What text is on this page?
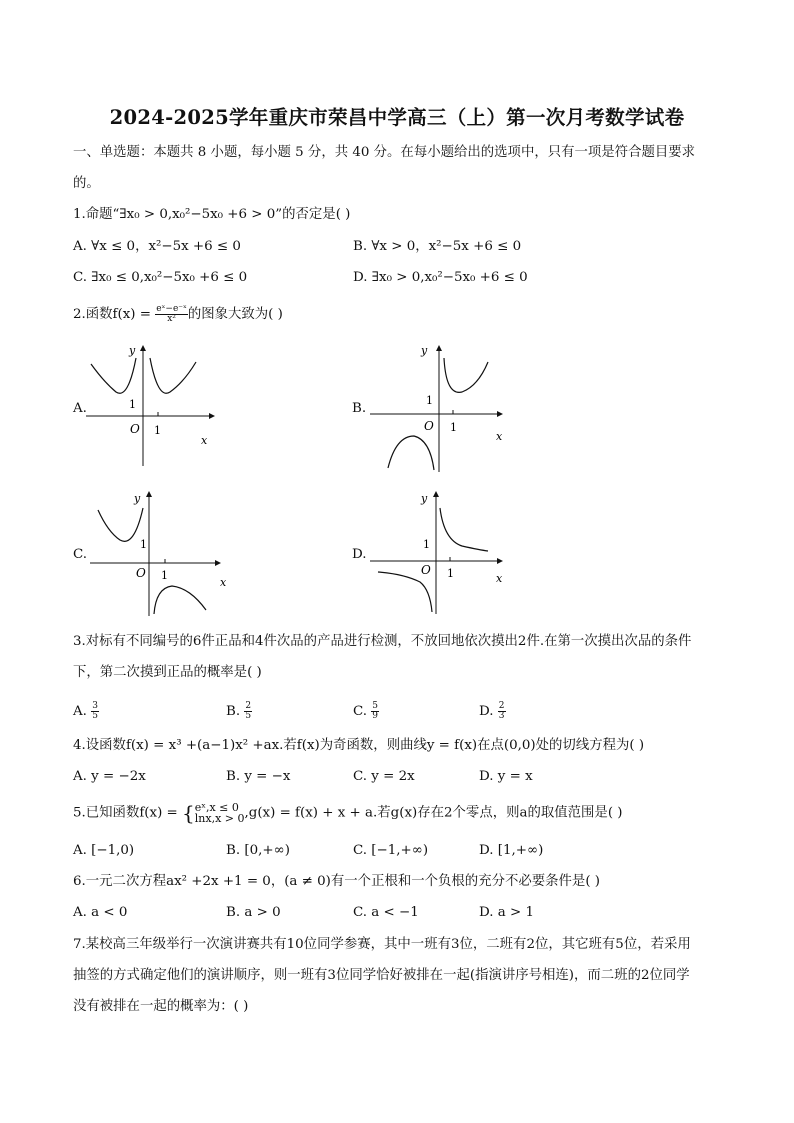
2024-2025学年重庆市荣昌中学高三（上）第一次月考数学试卷
一、单选题：本题共 8 小题，每小题 5 分，共 40 分。在每小题给出的选项中，只有一项是符合题目要求
的。
1.命题“∃x₀ > 0,x₀²−5x₀ +6 > 0”的否定是( )
A. ∀x ≤ 0，x²−5x +6 ≤ 0	B. ∀x > 0，x²−5x +6 ≤ 0
C. ∃x₀ ≤ 0,x₀²−5x₀ +6 ≤ 0	D. ∃x₀ > 0,x₀²−5x₀ +6 ≤ 0
2.函数$f(x) = \frac{\text{eˣ−e⁻ˣ}}{\text{x²}}$ 的图象大致为( )
A.
y
x
O 1
1	B.
y
x
O 1
1
C.
y
x
O 1
1
D.
y
x
O 1
1
3.对标有不同编号的6件正品和4件次品的产品进行检测，不放回地依次摸出2件.在第一次摸出次品的条件
下，第二次摸到正品的概率是( )
A. $\frac{3}{5}$	B. $\frac{2}{5}$	C. $\frac{5}{9}$	D. $\frac{2}{3}$
4.设函数f(x) = x³ +(a−1)x² +ax.若f(x)为奇函数，则曲线y = f(x)在点(0,0)处的切线方程为( )
A. y = −2x	B. y = −x	C. y = 2x	D. y = x
5.已知函数f(x) = { eˣ,x ≤ 0
lnx,x > 0 ,g(x) = f(x) + x + a.若g(x)存在2个零点，则a的取值范围是( )
A. [−1,0)	B. [0,+∞)	C. [−1,+∞)	D. [1,+∞)
6.一元二次方程ax² +2x +1 = 0，(a ≠ 0)有一个正根和一个负根的充分不必要条件是( )
A. a < 0	B. a > 0	C. a < −1	D. a > 1
7.某校高三年级举行一次演讲赛共有10位同学参赛，其中一班有3位，二班有2位，其它班有5位，若采用
抽签的方式确定他们的演讲顺序，则一班有3位同学恰好被排在一起(指演讲序号相连)，而二班的2位同学
没有被排在一起的概率为：( )
